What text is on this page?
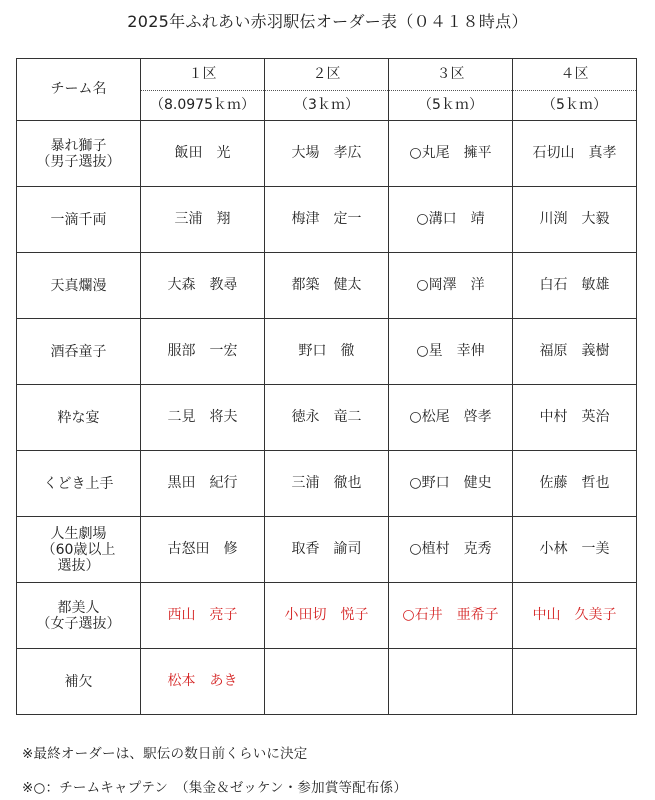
2025年ふれあい赤羽駅伝オーダー表（０４１８時点）
チーム名	１区	２区	３区	４区
	（8.0975ｋｍ）	（3ｋｍ）	（5ｋｍ）	（5ｋｍ）

暴れ獅子
（男子選抜）	飯田　光	大場　孝広	○丸尾　擁平	石切山　真孝

一滴千両	三浦　翔	梅津　定一	○溝口　靖	川渕　大毅

天真爛漫	大森　教尋	都築　健太	○岡澤　洋	白石　敏雄

酒呑童子	服部　一宏	野口　徹	○星　幸伸	福原　義樹

粋な宴	二見　将夫	徳永　竜二	○松尾　啓孝	中村　英治

くどき上手	黒田　紀行	三浦　徹也	○野口　健史	佐藤　哲也

人生劇場
（60歳以上
選抜）	古怒田　修	取香　諭司	○植村　克秀	小林　一美

都美人
（女子選抜）	西山　亮子	小田切　悦子	○石井　亜希子	中山　久美子

補欠	松本　あき			
※最終オーダーは、駅伝の数日前くらいに決定
※○：チームキャプテン　（集金＆ゼッケン・参加賞等配布係）
